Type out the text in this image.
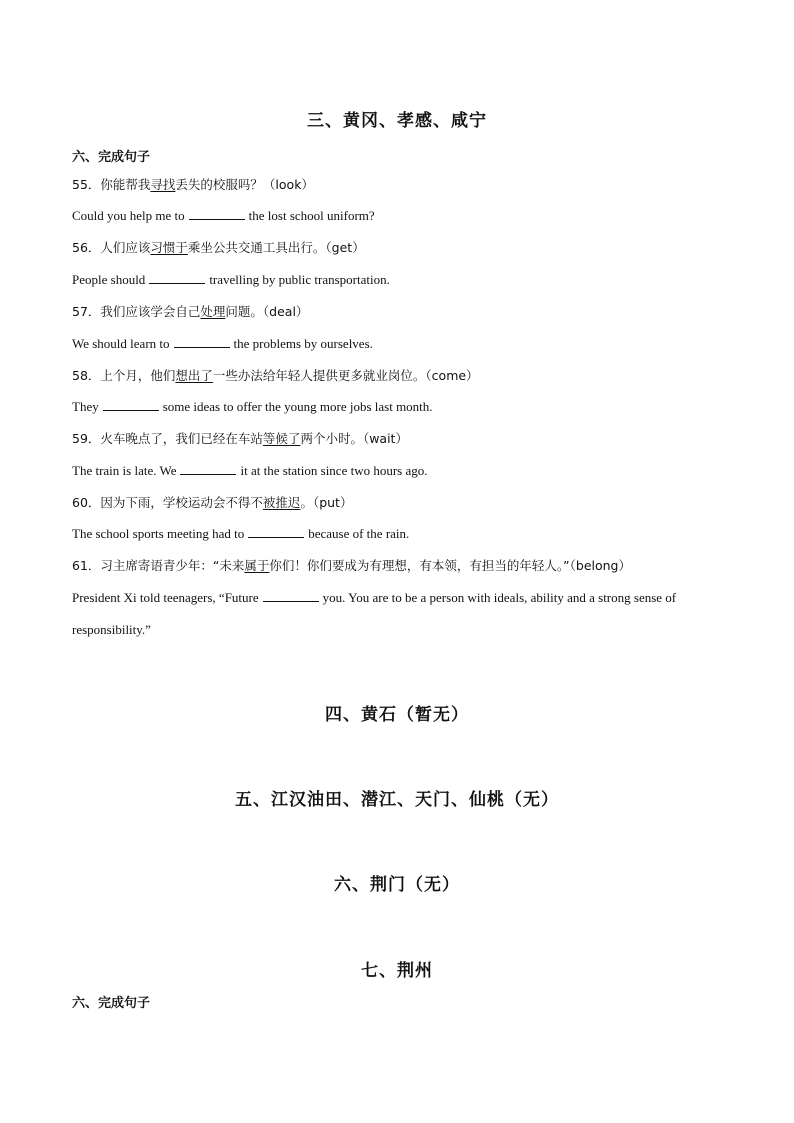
三、黄冈、孝感、咸宁
六、完成句子
55．你能帮我寻找丢失的校服吗？（look）
Could you help me to	the lost school uniform?
56．人们应该习惯于乘坐公共交通工具出行。（get）
People should	travelling by public transportation.
57．我们应该学会自己处理问题。（deal）
We should learn to	the problems by ourselves.
58．上个月，他们想出了一些办法给年轻人提供更多就业岗位。（come）
They	some ideas to offer the young more jobs last month.
59．火车晚点了，我们已经在车站等候了两个小时。（wait）
The train is late. We	it at the station since two hours ago.
60．因为下雨，学校运动会不得不被推迟。（put）
The school sports meeting had to	because of the rain.
61．习主席寄语青少年：“未来属于你们！你们要成为有理想，有本领，有担当的年轻人。”（belong）
President Xi told teenagers, “Future	you. You are to be a person with ideals, ability and a strong sense of
responsibility.”
四、黄石（暂无）
五、江汉油田、潜江、天门、仙桃（无）
六、荆门（无）
七、荆州
六、完成句子
